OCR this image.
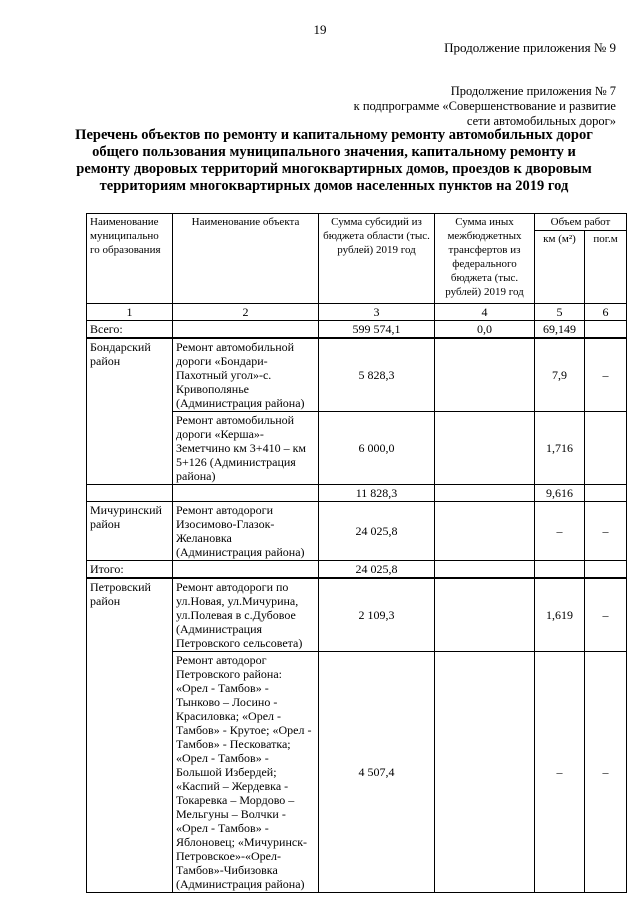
19
Продолжение приложения № 9
Продолжение приложения № 7
к подпрограмме «Совершенствование и развитие
сети автомобильных дорог»
Перечень объектов по ремонту и капитальному ремонту автомобильных дорог общего пользования муниципального значения, капитальному ремонту и ремонту дворовых территорий многоквартирных домов, проездов к дворовым территориям многоквартирных домов населенных пунктов на 2019 год
Наименование муниципально го образования	Наименование объекта	Сумма субсидий из бюджета области (тыс. рублей) 2019 год	Сумма иных межбюджетных трансфертов из федерального бюджета (тыс. рублей) 2019 год	Объем работ	
				км (м²)	пог.м
1	2	3	4	5	6
Всего:		599 574,1	0,0	69,149	
Бондарский район	Ремонт автомобильной дороги «Бондари-Пахотный угол»-с. Кривополянье (Администрация района)	5 828,3		7,9	–
	Ремонт автомобильной дороги «Керша»-Земетчино км 3+410 – км 5+126 (Администрация района)	6 000,0		1,716	
		11 828,3		9,616	
Мичуринский район	Ремонт автодороги Изосимово-Глазок-Желановка (Администрация района)	24 025,8		–	–
Итого:		24 025,8			
Петровский район	Ремонт автодороги по ул.Новая, ул.Мичурина, ул.Полевая в с.Дубовое (Администрация Петровского сельсовета)	2 109,3		1,619	–
	Ремонт автодорог Петровского района: «Орел - Тамбов» - Тынково – Лосино - Красиловка; «Орел - Тамбов» - Крутое; «Орел - Тамбов» - Песковатка; «Орел - Тамбов» - Большой Избердей; «Каспий – Жердевка - Токаревка – Мордово – Мельгуны – Волчки - «Орел - Тамбов» - Яблоновец; «Мичуринск-Петровское»-«Орел-Тамбов»-Чибизовка (Администрация района)	4 507,4		–	–
